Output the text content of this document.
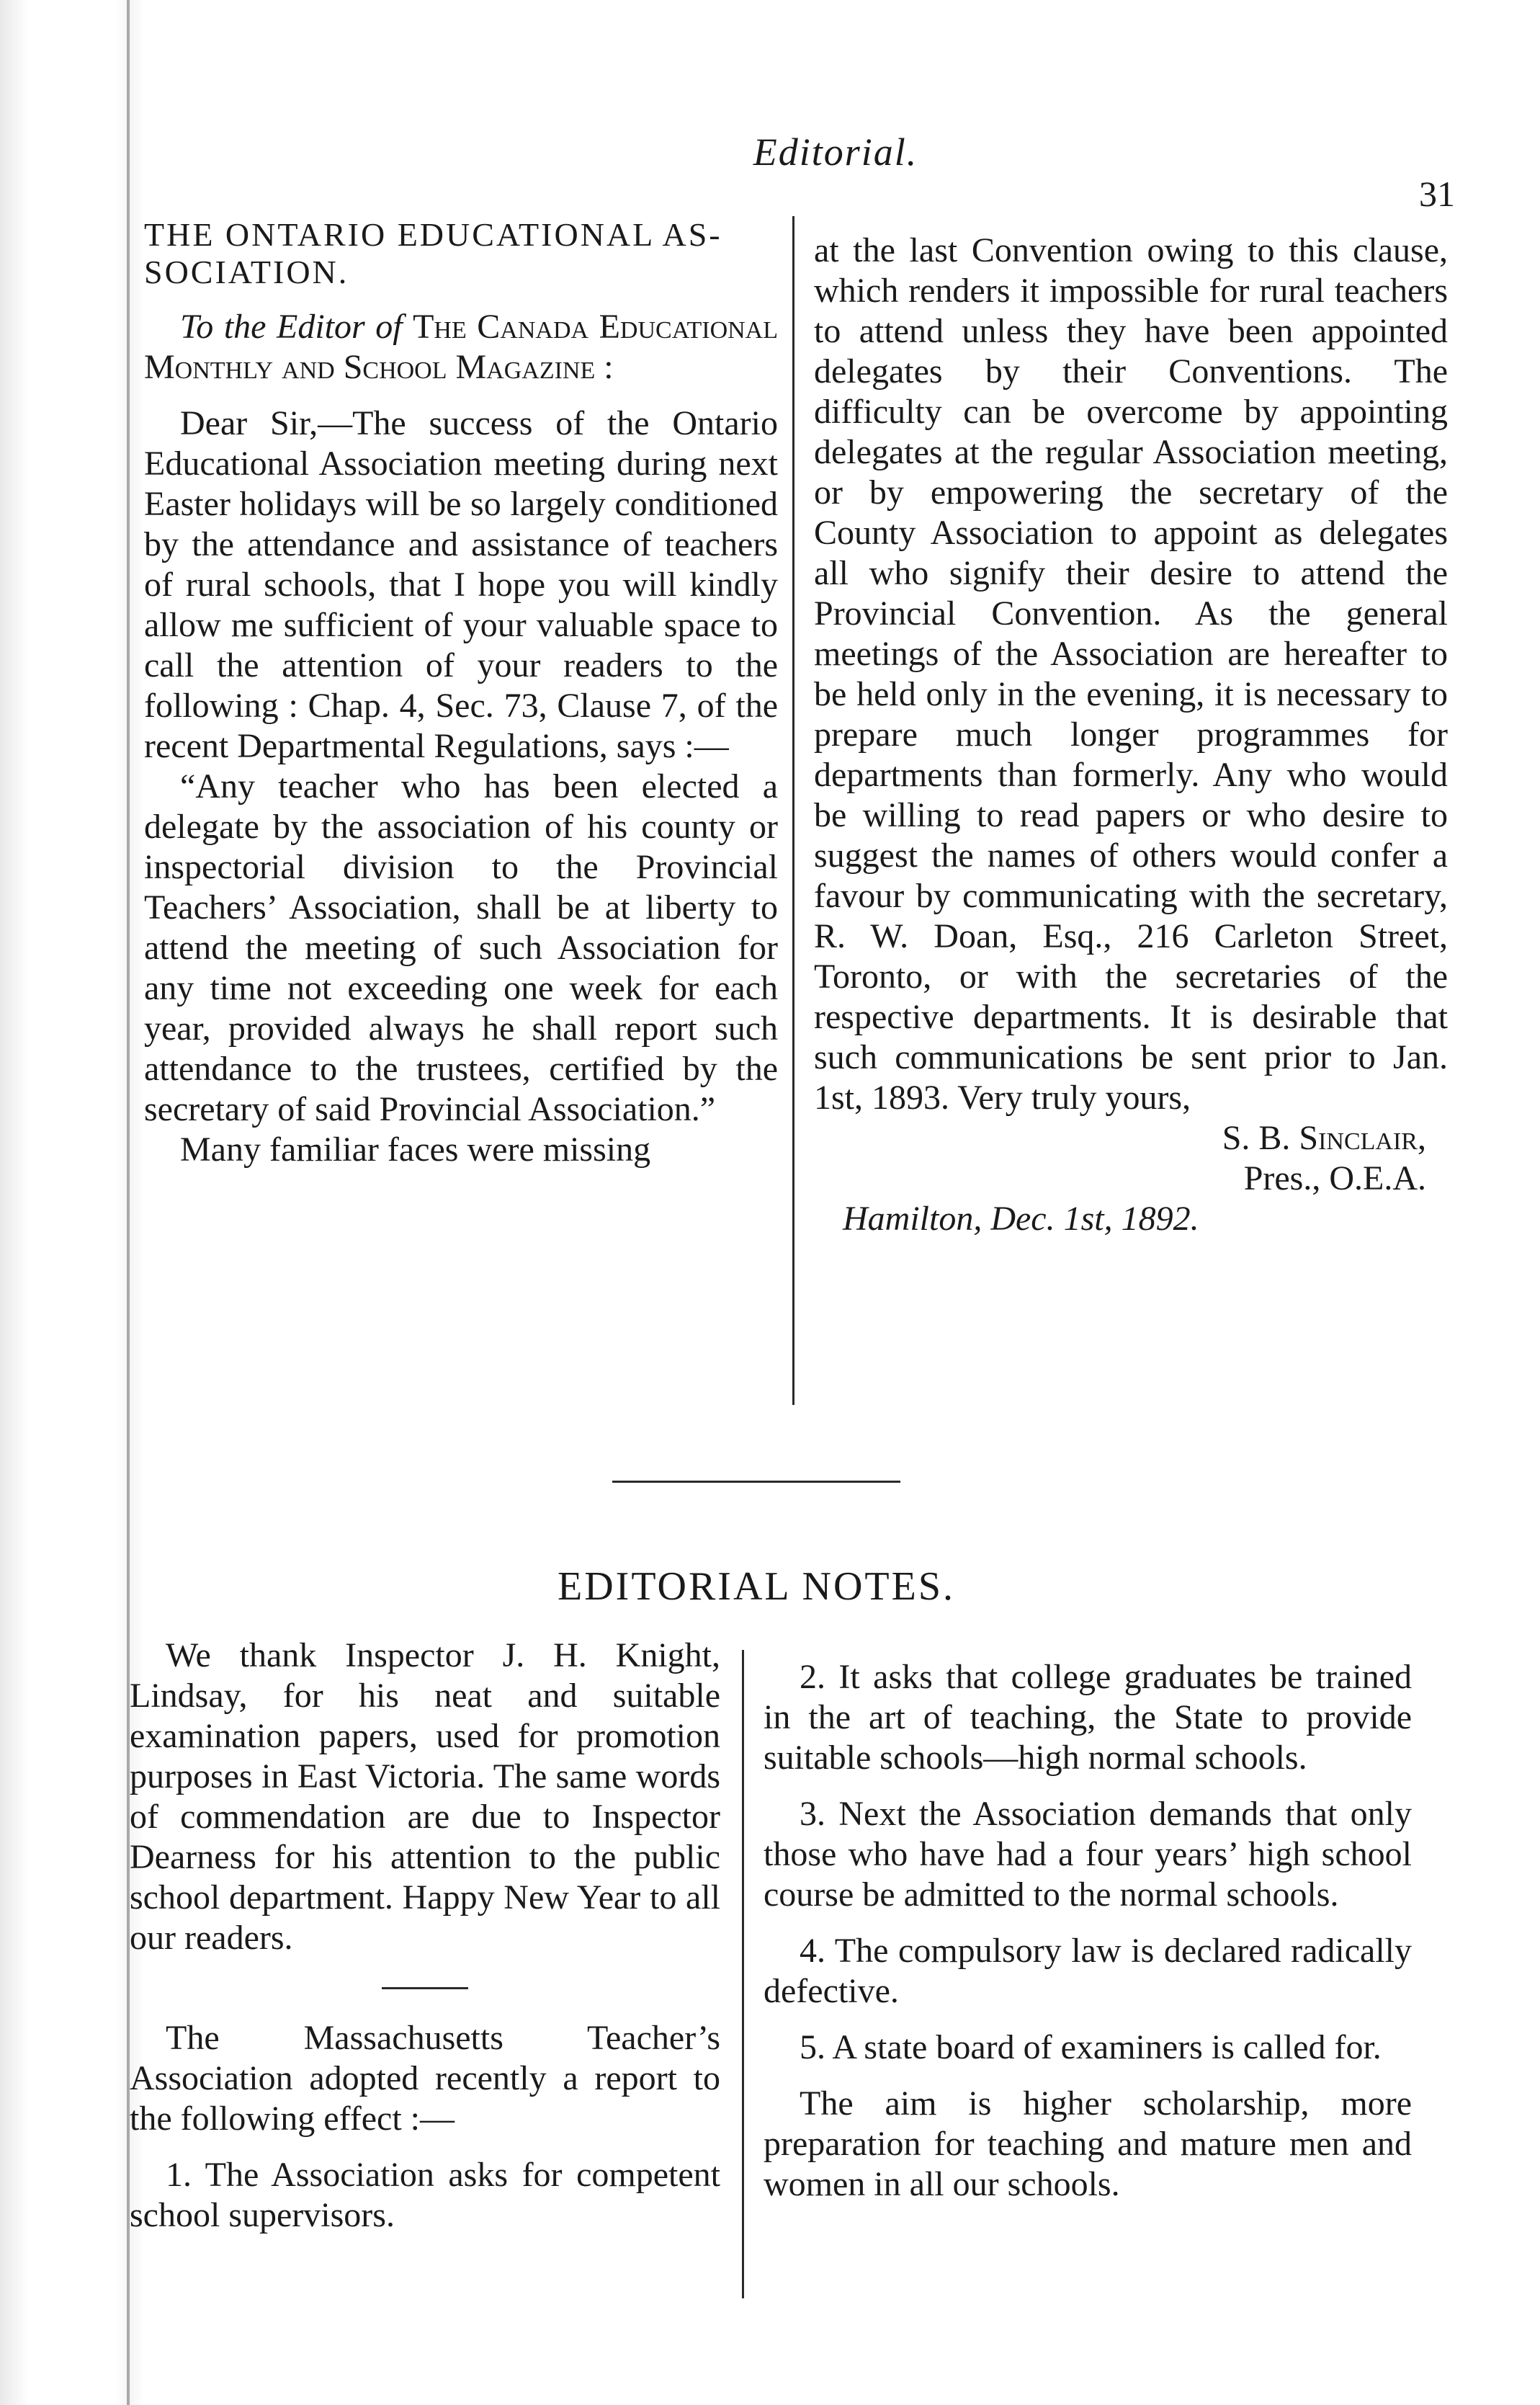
Editorial.
31

THE ONTARIO EDUCATIONAL AS-
SOCIATION.

To the Editor of The Canada Educational Monthly and School Magazine :

Dear Sir,—The success of the Ontario Educational Association meeting during next Easter holidays will be so largely conditioned by the attendance and assistance of teachers of rural schools, that I hope you will kindly allow me sufficient of your valuable space to call the attention of your readers to the following : Chap. 4, Sec. 73, Clause 7, of the recent Departmental Regulations, says :—

“Any teacher who has been elected a delegate by the association of his county or inspectorial division to the Provincial Teachers’ Association, shall be at liberty to attend the meeting of such Association for any time not exceeding one week for each year, provided always he shall report such attendance to the trustees, certified by the secretary of said Provincial Association.”

Many familiar faces were missing

at the last Convention owing to this clause, which renders it impossible for rural teachers to attend unless they have been appointed delegates by their Conventions. The difficulty can be overcome by appointing delegates at the regular Association meeting, or by empowering the secretary of the County Association to appoint as delegates all who signify their desire to attend the Provincial Convention. As the general meetings of the Association are hereafter to be held only in the evening, it is necessary to prepare much longer programmes for departments than formerly. Any who would be willing to read papers or who desire to suggest the names of others would confer a favour by communicating with the secretary, R. W. Doan, Esq., 216 Carleton Street, Toronto, or with the secretaries of the respective departments. It is desirable that such communications be sent prior to Jan. 1st, 1893. Very truly yours,

S. B. Sinclair,

Pres., O.E.A.

Hamilton, Dec. 1st, 1892.

EDITORIAL NOTES.

We thank Inspector J. H. Knight, Lindsay, for his neat and suitable examination papers, used for promotion purposes in East Victoria. The same words of commendation are due to Inspector Dearness for his attention to the public school department. Happy New Year to all our readers.

The Massachusetts Teacher’s Association adopted recently a report to the following effect :—

1. The Association asks for competent school supervisors.

2. It asks that college graduates be trained in the art of teaching, the State to provide suitable schools—high normal schools.

3. Next the Association demands that only those who have had a four years’ high school course be admitted to the normal schools.

4. The compulsory law is declared radically defective.

5. A state board of examiners is called for.

The aim is higher scholarship, more preparation for teaching and mature men and women in all our schools.
